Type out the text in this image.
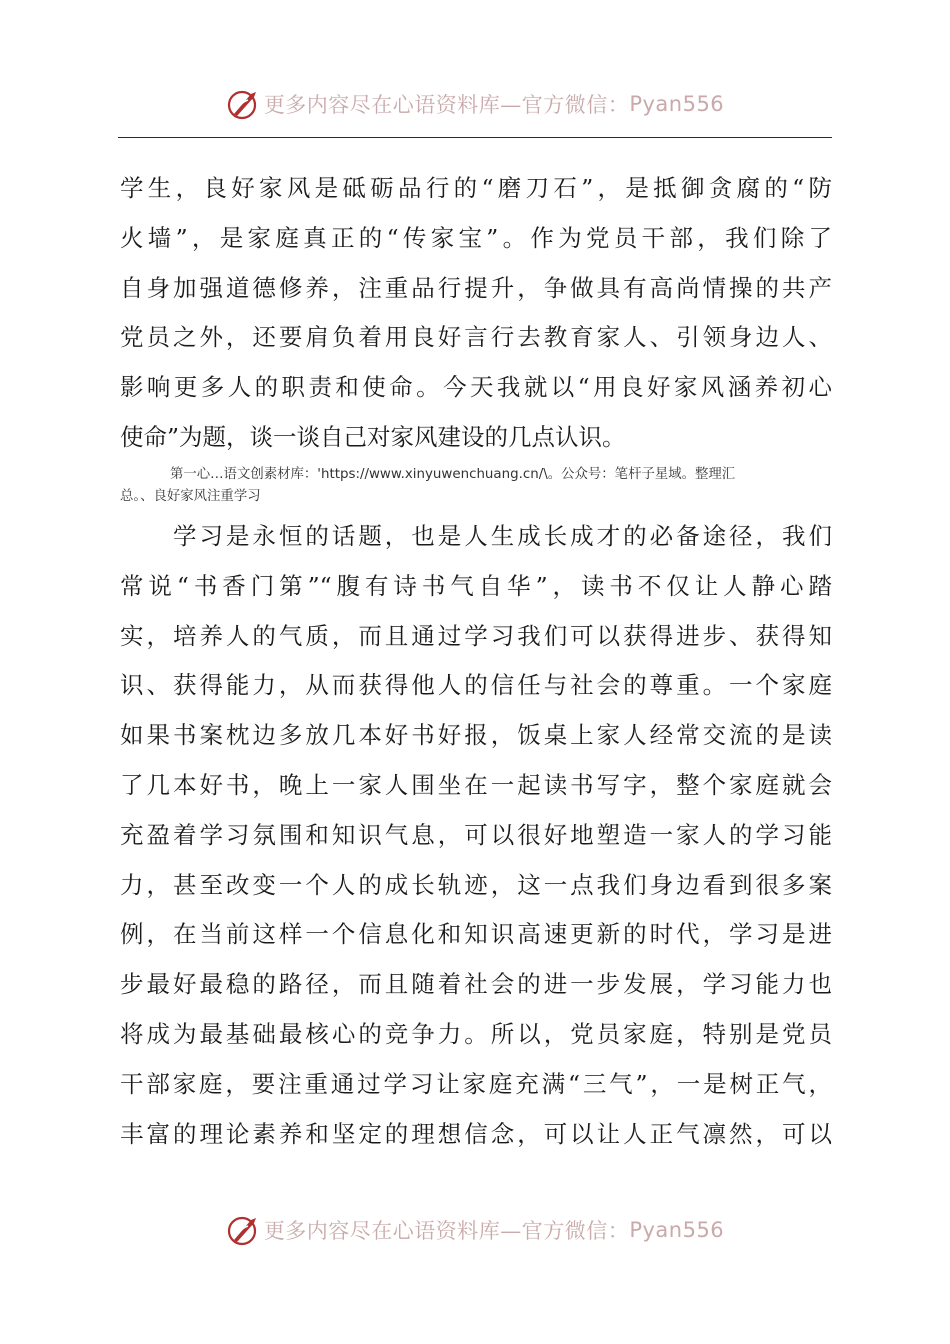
更多内容尽在心语资料库—官方微信： Pyan556
学生，良好家风是砥砺品行的“磨刀石”，是抵御贪腐的“防
火墙”，是家庭真正的“传家宝”。作为党员干部，我们除了
自身加强道德修养，注重品行提升，争做具有高尚情操的共产
党员之外，还要肩负着用良好言行去教育家人、引领身边人、
影响更多人的职责和使命。今天我就以“用良好家风涵养初心
使命”为题，谈一谈自己对家风建设的几点认识。
第一心…语文创素材库：'https://www.xinyuwenchuang.cn/\。公众号：笔杆子星域。整理汇
总。、良好家风注重学习
　　学习是永恒的话题，也是人生成长成才的必备途径，我们
常说“书香门第”“腹有诗书气自华”，读书不仅让人静心踏
实，培养人的气质，而且通过学习我们可以获得进步、获得知
识、获得能力，从而获得他人的信任与社会的尊重。一个家庭
如果书案枕边多放几本好书好报，饭桌上家人经常交流的是读
了几本好书，晚上一家人围坐在一起读书写字，整个家庭就会
充盈着学习氛围和知识气息，可以很好地塑造一家人的学习能
力，甚至改变一个人的成长轨迹，这一点我们身边看到很多案
例，在当前这样一个信息化和知识高速更新的时代，学习是进
步最好最稳的路径，而且随着社会的进一步发展，学习能力也
将成为最基础最核心的竞争力。所以，党员家庭，特别是党员
干部家庭，要注重通过学习让家庭充满“三气”，一是树正气，
丰富的理论素养和坚定的理想信念，可以让人正气凛然，可以
更多内容尽在心语资料库—官方微信： Pyan556
